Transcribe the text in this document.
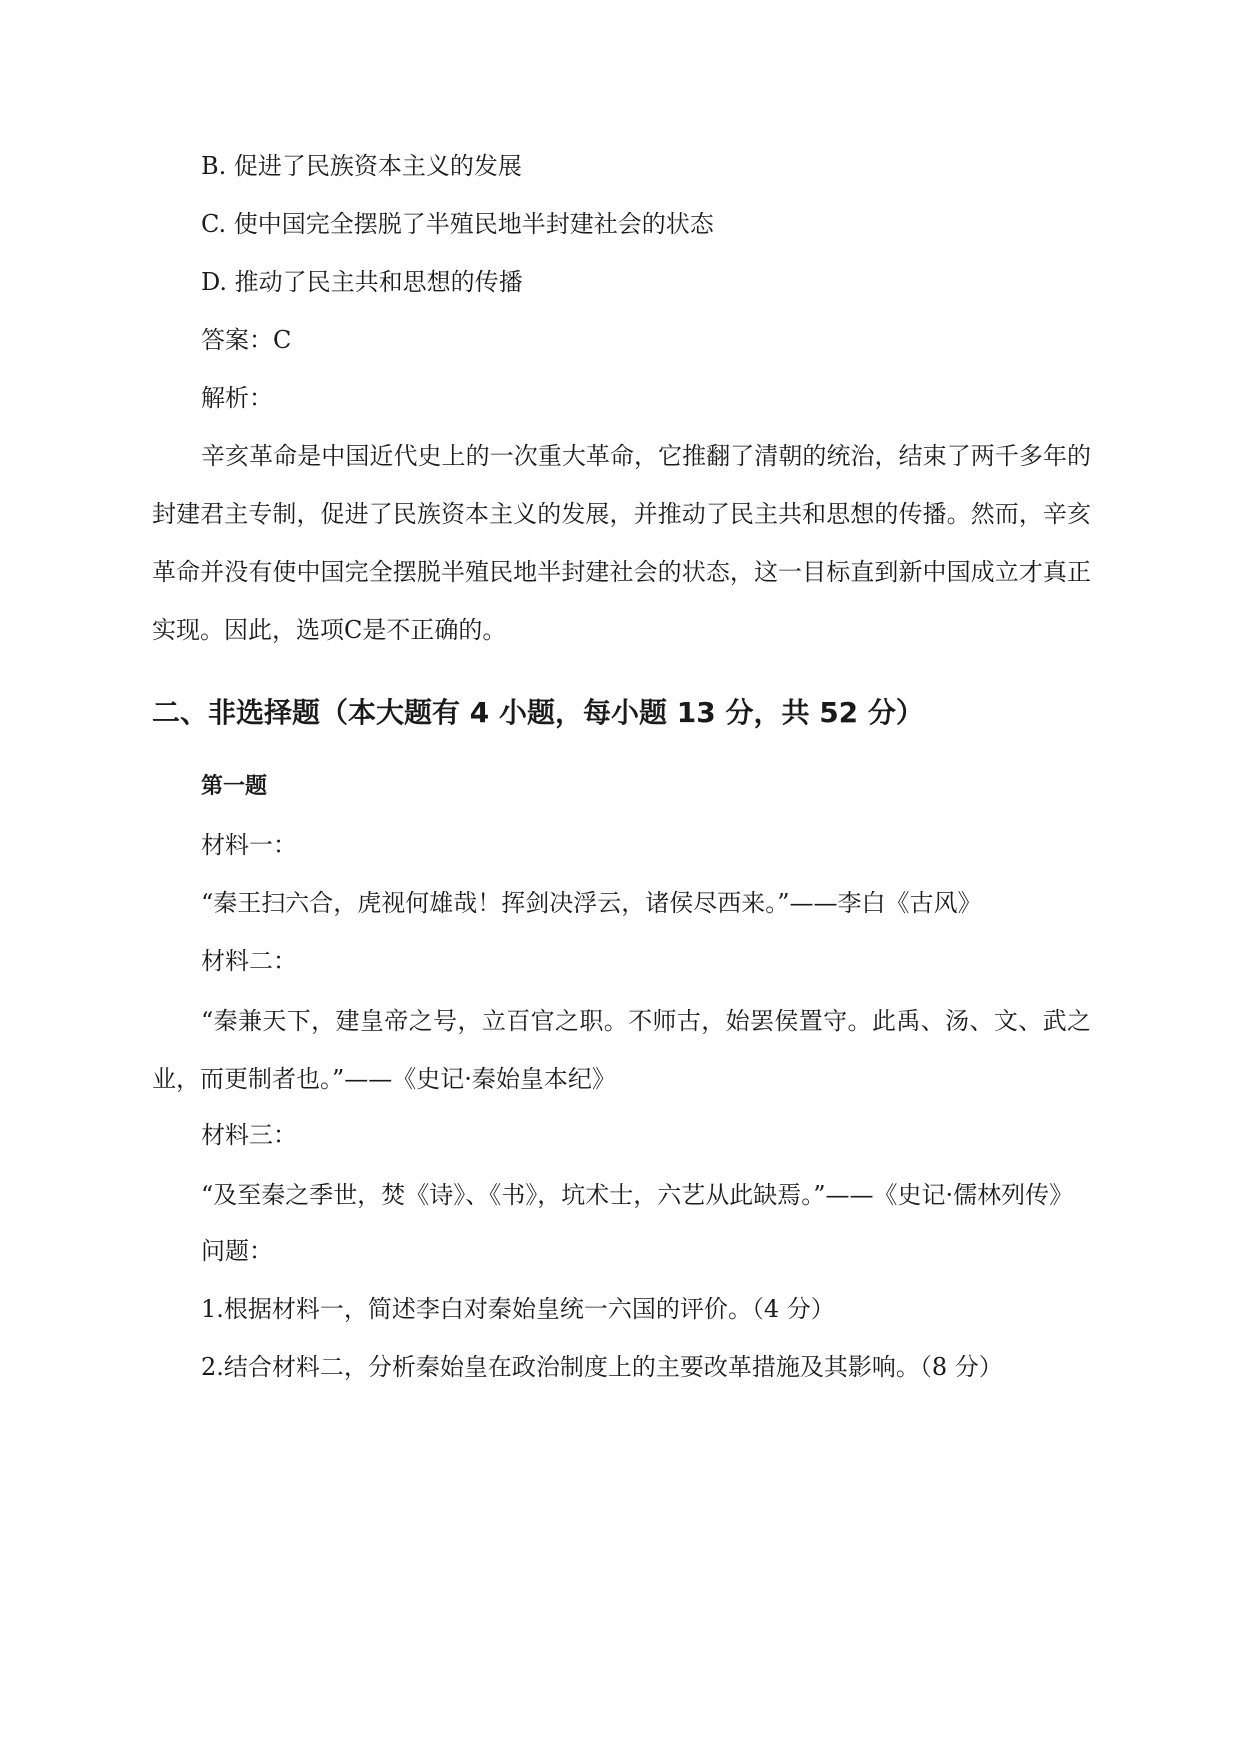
B. 促进了民族资本主义的发展

C. 使中国完全摆脱了半殖民地半封建社会的状态

D. 推动了民主共和思想的传播

答案：C

解析：

辛亥革命是中国近代史上的一次重大革命，它推翻了清朝的统治，结束了两千多年的封建君主专制，促进了民族资本主义的发展，并推动了民主共和思想的传播。然而，辛亥革命并没有使中国完全摆脱半殖民地半封建社会的状态，这一目标直到新中国成立才真正实现。因此，选项C是不正确的。

二、非选择题（本大题有 4 小题，每小题 13 分，共 52 分）

第一题

材料一：

“秦王扫六合，虎视何雄哉！挥剑决浮云，诸侯尽西来。”——李白《古风》

材料二：

“秦兼天下，建皇帝之号，立百官之职。不师古，始罢侯置守。此禹、汤、文、武之业，而更制者也。”——《史记·秦始皇本纪》

材料三：

“及至秦之季世，焚《诗》、《书》，坑术士，六艺从此缺焉。”——《史记·儒林列传》

问题：

1.根据材料一，简述李白对秦始皇统一六国的评价。（4 分）

2.结合材料二，分析秦始皇在政治制度上的主要改革措施及其影响。（8 分）
